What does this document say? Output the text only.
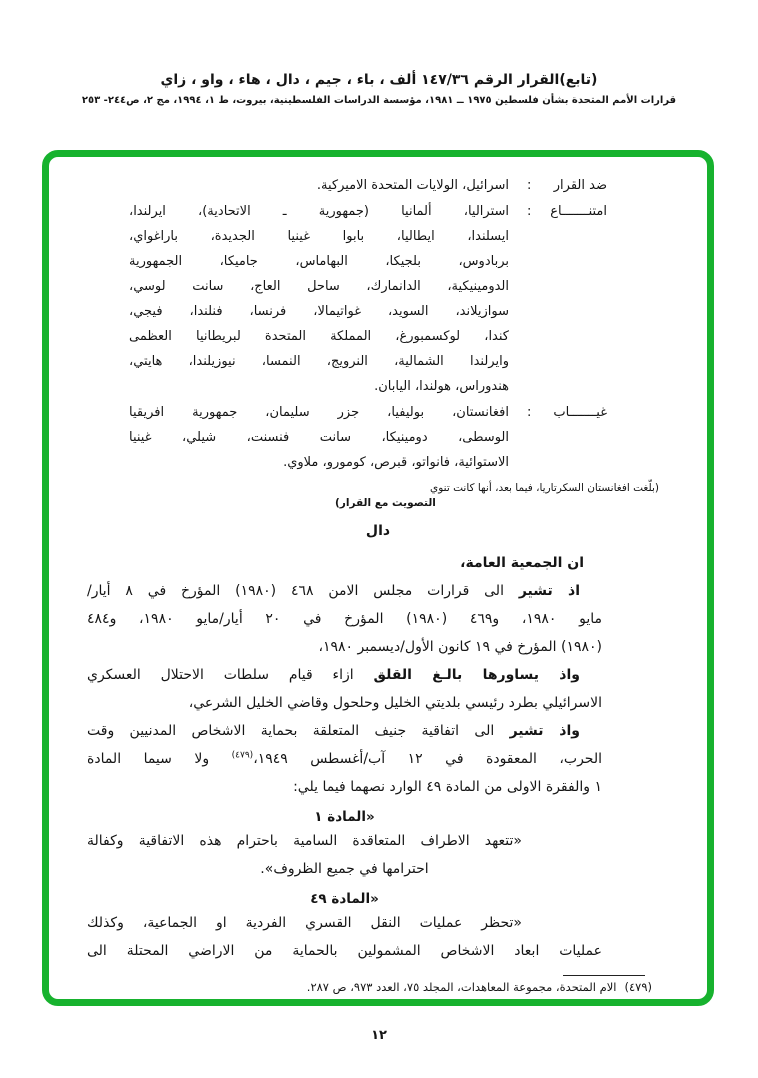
(تابع)القرار الرقم ١٤٧/٣٦ ألف ، باء ، جيم ، دال ، هاء ، واو ، زاي
قرارات الأمم المتحدة بشأن فلسطين ١٩٧٥ ــ ١٩٨١، مؤسسة الدراسات الفلسطينية، بيروت، ط ١، ١٩٩٤، مج ٢، ص٢٤٤- ٢٥٣
ضد القرار
:
اسرائيل، الولايات المتحدة الاميركية.
امتنـــــــاع
:
استراليا، ألمانيا (جمهورية ـ الاتحادية)، ايرلندا،
ايسلندا، ايطاليا، بابوا غينيا الجديدة، باراغواي،
بربادوس، بلجيكا، البهاماس، جاميكا، الجمهورية
الدومينيكية، الدانمارك، ساحل العاج، سانت لوسي،
سوازيلاند، السويد، غواتيمالا، فرنسا، فنلندا، فيجي،
كندا، لوكسمبورغ، المملكة المتحدة لبريطانيا العظمى
وايرلندا الشمالية، النرويج، النمسا، نيوزيلندا، هايتي،
هندوراس، هولندا، اليابان.
غيـــــــاب
:
افغانستان، بوليفيا، جزر سليمان، جمهورية افريقيا
الوسطى، دومينيكا، سانت فنسنت، شيلي، غينيا
الاستوائية، فانواتو، قبرص، كومورو، ملاوي.
(بلّغت افغانستان السكرتاريا، فيما بعد، أنها كانت تنوي
التصويت مع القرار)
دال
ان الجمعية العامة،
اذ تشير الى قرارات مجلس الامن ٤٦٨ (١٩٨٠) المؤرخ في ٨ أيار/
مايو ١٩٨٠، و٤٦٩ (١٩٨٠) المؤرخ في ٢٠ أيار/مايو ١٩٨٠، و٤٨٤
(١٩٨٠) المؤرخ في ١٩ كانون الأول/ديسمبر ١٩٨٠،
واذ يساورها بالـغ القلق ازاء قيام سلطات الاحتلال العسكري
الاسرائيلي بطرد رئيسي بلديتي الخليل وحلحول وقاضي الخليل الشرعي،
واذ تشير الى اتفاقية جنيف المتعلقة بحماية الاشخاص المدنيين وقت
الحرب، المعقودة في ١٢ آب/أغسطس ١٩٤٩،$^{(٤٧٩)}$ ولا سيما المادة
١ والفقرة الاولى من المادة ٤٩ الوارد نصهما فيما يلي:
«المادة ١
«تتعهد الاطراف المتعاقدة السامية باحترام هذه الاتفاقية وكفالة
احترامها في جميع الظروف».
«المادة ٤٩
«تحظر عمليات النقل القسري الفردية او الجماعية، وكذلك
عمليات ابعاد الاشخاص المشمولين بالحماية من الاراضي المحتلة الى
(٤٧٩)الام المتحدة، مجموعة المعاهدات، المجلد ٧٥، العدد ٩٧٣، ص ٢٨٧.
١٢
